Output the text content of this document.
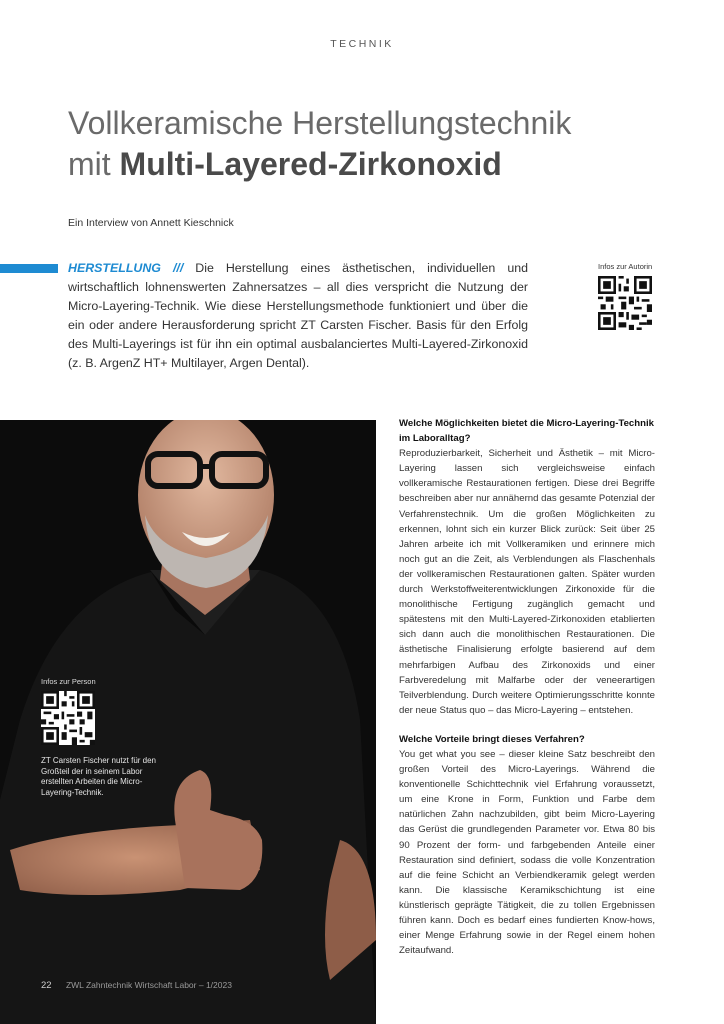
TECHNIK
Vollkeramische Herstellungstechnik
mit Multi-Layered-Zirkonoxid
Ein Interview von Annett Kieschnick
HERSTELLUNG /// Die Herstellung eines ästhetischen, individuellen und wirtschaftlich lohnenswerten Zahnersatzes – all dies verspricht die Nutzung der Micro-Layering-Technik. Wie diese Herstellungsmethode funktioniert und über die ein oder andere Herausforderung spricht ZT Carsten Fischer. Basis für den Erfolg des Multi-Layerings ist für ihn ein optimal ausbalanciertes Multi-Layered-Zirkonoxid (z. B. ArgenZ HT+ Multilayer, Argen Dental).
Infos zur Autorin
Infos zur Person
ZT Carsten Fischer nutzt für den Großteil der in seinem Labor erstellten Arbeiten die Micro-Layering-Technik.
22 ZWL Zahntechnik Wirtschaft Labor – 1/2023
Welche Möglichkeiten bietet die Micro-Layering-Technik im Laboralltag?

Reproduzierbarkeit, Sicherheit und Ästhetik – mit Micro-Layering lassen sich vergleichsweise einfach vollkeramische Restaurationen fertigen. Diese drei Begriffe beschreiben aber nur annähernd das gesamte Potenzial der Verfahrenstechnik. Um die großen Möglichkeiten zu erkennen, lohnt sich ein kurzer Blick zurück: Seit über 25 Jahren arbeite ich mit Vollkeramiken und erinnere mich noch gut an die Zeit, als Verblendungen als Flaschenhals der vollkeramischen Restaurationen galten. Später wurden durch Werkstoffweiterentwicklungen Zirkonoxide für die monolithische Fertigung zugänglich gemacht und spätestens mit den Multi-Layered-Zirkonoxiden etablierten sich dann auch die monolithischen Restaurationen. Die ästhetische Finalisierung erfolgte basierend auf dem mehrfarbigen Aufbau des Zirkonoxids und einer Farbveredelung mit Malfarbe oder der veneerartigen Teilverblendung. Durch weitere Optimierungsschritte konnte der neue Status quo – das Micro-Layering – entstehen.

Welche Vorteile bringt dieses Verfahren?

You get what you see – dieser kleine Satz beschreibt den großen Vorteil des Micro-Layerings. Während die konventionelle Schichttechnik viel Erfahrung voraussetzt, um eine Krone in Form, Funktion und Farbe dem natürlichen Zahn nachzubilden, gibt beim Micro-Layering das Gerüst die grundlegenden Parameter vor. Etwa 80 bis 90 Prozent der form- und farbgebenden Anteile einer Restauration sind definiert, sodass die volle Konzentration auf die feine Schicht an Verbiendkeramik gelegt werden kann. Die klassische Keramikschichtung ist eine künstlerisch geprägte Tätigkeit, die zu tollen Ergebnissen führen kann. Doch es bedarf eines fundierten Know-hows, einer Menge Erfahrung sowie in der Regel einem hohen Zeitaufwand.
